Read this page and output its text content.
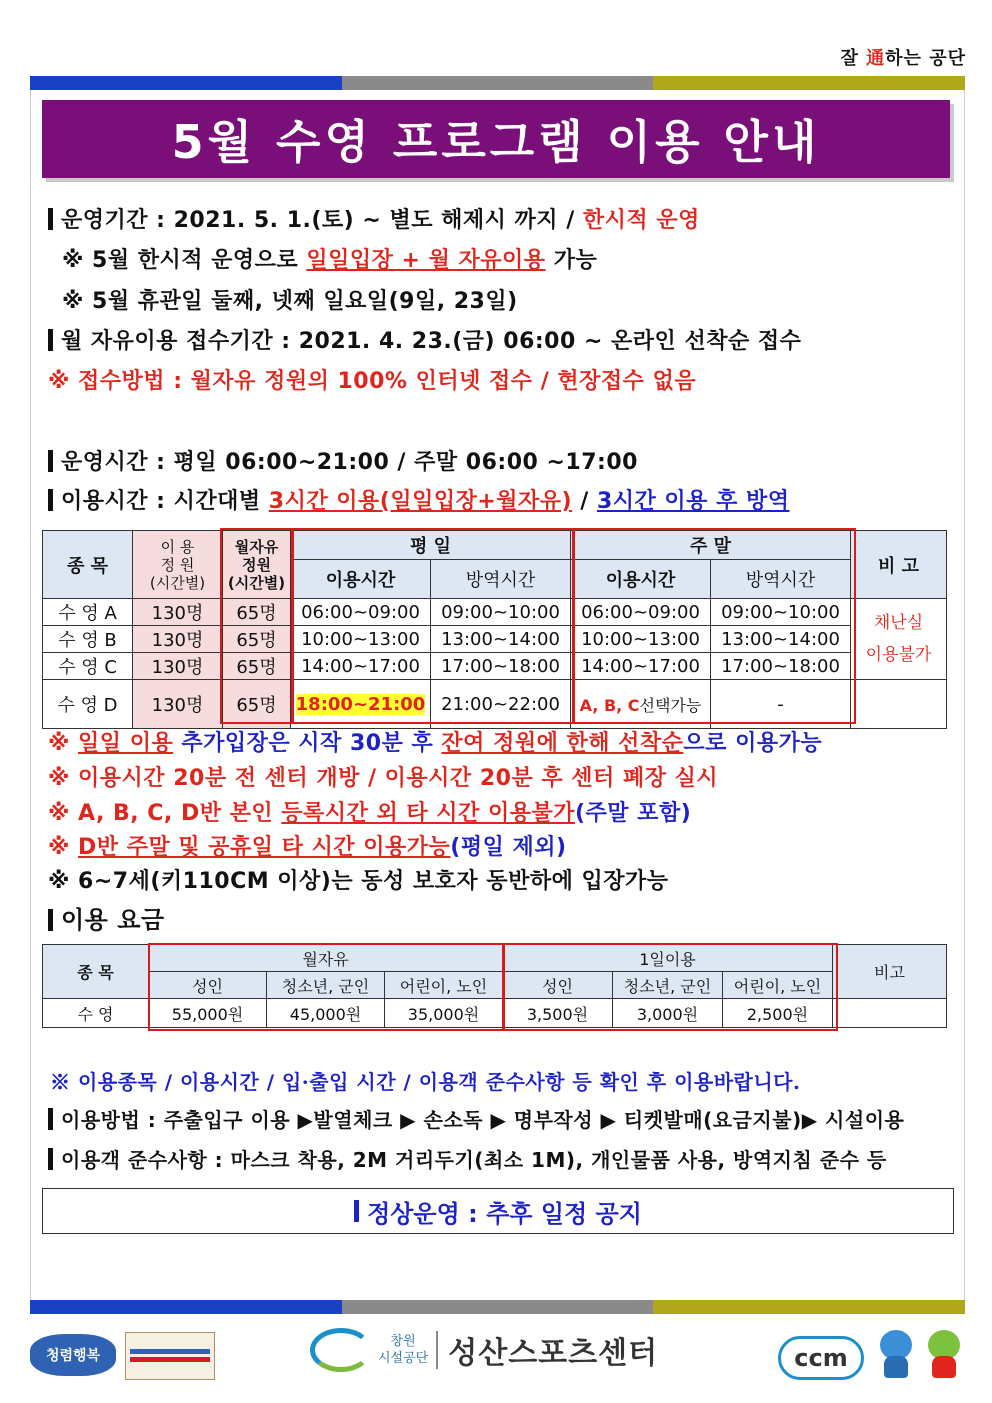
잘 通하는 공단
5월 수영 프로그램 이용 안내
운영기간 : 2021. 5. 1.(토) ~ 별도 해제시 까지 / 한시적 운영
※ 5월 한시적 운영으로 일일입장 + 월 자유이용 가능
※ 5월 휴관일 둘째, 넷째 일요일(9일, 23일)
월 자유이용 접수기간 : 2021. 4. 23.(금) 06:00 ~ 온라인 선착순 접수
※ 접수방법 : 월자유 정원의 100% 인터넷 접수 / 현장접수 없음
운영시간 : 평일 06:00~21:00 / 주말 06:00 ~17:00
이용시간 : 시간대별 3시간 이용(일일입장+월자유) / 3시간 이용 후 방역
종 목	이 용
정 원
(시간별)	월자유
정원
(시간별)	평 일		주 말		비 고
			이용시간	방역시간	이용시간	방역시간	
수 영 A	130명	65명	06:00~09:00	09:00~10:00	06:00~09:00	09:00~10:00	채난실
이용불가
수 영 B	130명	65명	10:00~13:00	13:00~14:00	10:00~13:00	13:00~14:00	
수 영 C	130명	65명	14:00~17:00	17:00~18:00	14:00~17:00	17:00~18:00	
수 영 D	130명	65명	18:00~21:00	21:00~22:00	A, B, C선택가능	-	
※ 일일 이용 추가입장은 시작 30분 후 잔여 정원에 한해 선착순으로 이용가능
※ 이용시간 20분 전 센터 개방 / 이용시간 20분 후 센터 폐장 실시
※ A, B, C, D반 본인 등록시간 외 타 시간 이용불가(주말 포함)
※ D반 주말 및 공휴일 타 시간 이용가능(평일 제외)
※ 6~7세(키110CM 이상)는 동성 보호자 동반하에 입장가능
이용 요금
종 목	월자유			1일이용			비고
	성인	청소년, 군인	어린이, 노인	성인	청소년, 군인	어린이, 노인	
수 영	55,000원	45,000원	35,000원	3,500원	3,000원	2,500원	
※ 이용종목 / 이용시간 / 입·출입 시간 / 이용객 준수사항 등 확인 후 이용바랍니다.
이용방법 : 주출입구 이용 ▶발열체크 ▶ 손소독 ▶ 명부작성 ▶ 티켓발매(요금지불)▶ 시설이용
이용객 준수사항 : 마스크 착용, 2M 거리두기(최소 1M), 개인물품 사용, 방역지침 준수 등
정상운영 : 추후 일정 공지
청렴행복
창원
시설공단 성산스포츠센터	ccm
